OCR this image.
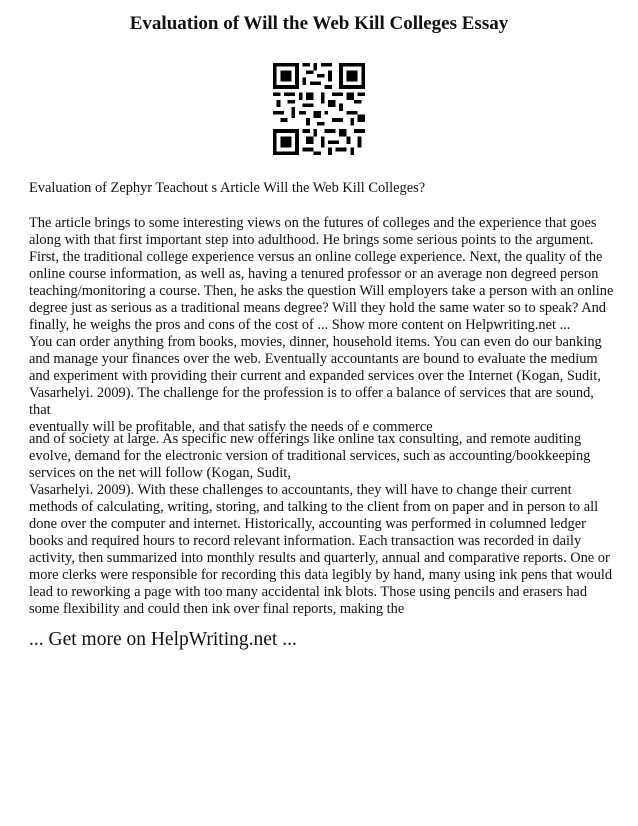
Evaluation of Will the Web Kill Colleges Essay

Evaluation of Zephyr Teachout s Article Will the Web Kill Colleges?

The article brings to some interesting views on the futures of colleges and the experience that goes
along with that first important step into adulthood. He brings some serious points to the argument.
First, the traditional college experience versus an online college experience. Next, the quality of the
online course information, as well as, having a tenured professor or an average non degreed person
teaching/monitoring a course. Then, he asks the question Will employers take a person with an online
degree just as serious as a traditional means degree? Will they hold the same water so to speak? And
finally, he weighs the pros and cons of the cost of ... Show more content on Helpwriting.net ...
You can order anything from books, movies, dinner, household items. You can even do our banking
and manage your finances over the web. Eventually accountants are bound to evaluate the medium
and experiment with providing their current and expanded services over the Internet (Kogan, Sudit,
Vasarhelyi. 2009). The challenge for the profession is to offer a balance of services that are sound, that
eventually will be profitable, and that satisfy the needs of e commerce

and of society at large. As specific new offerings like online tax consulting, and remote auditing
evolve, demand for the electronic version of traditional services, such as accounting/bookkeeping
services on the net will follow (Kogan, Sudit,
Vasarhelyi. 2009). With these challenges to accountants, they will have to change their current
methods of calculating, writing, storing, and talking to the client from on paper and in person to all
done over the computer and internet. Historically, accounting was performed in columned ledger
books and required hours to record relevant information. Each transaction was recorded in daily
activity, then summarized into monthly results and quarterly, annual and comparative reports. One or
more clerks were responsible for recording this data legibly by hand, many using ink pens that would
lead to reworking a page with too many accidental ink blots. Those using pencils and erasers had
some flexibility and could then ink over final reports, making the

... Get more on HelpWriting.net ...
